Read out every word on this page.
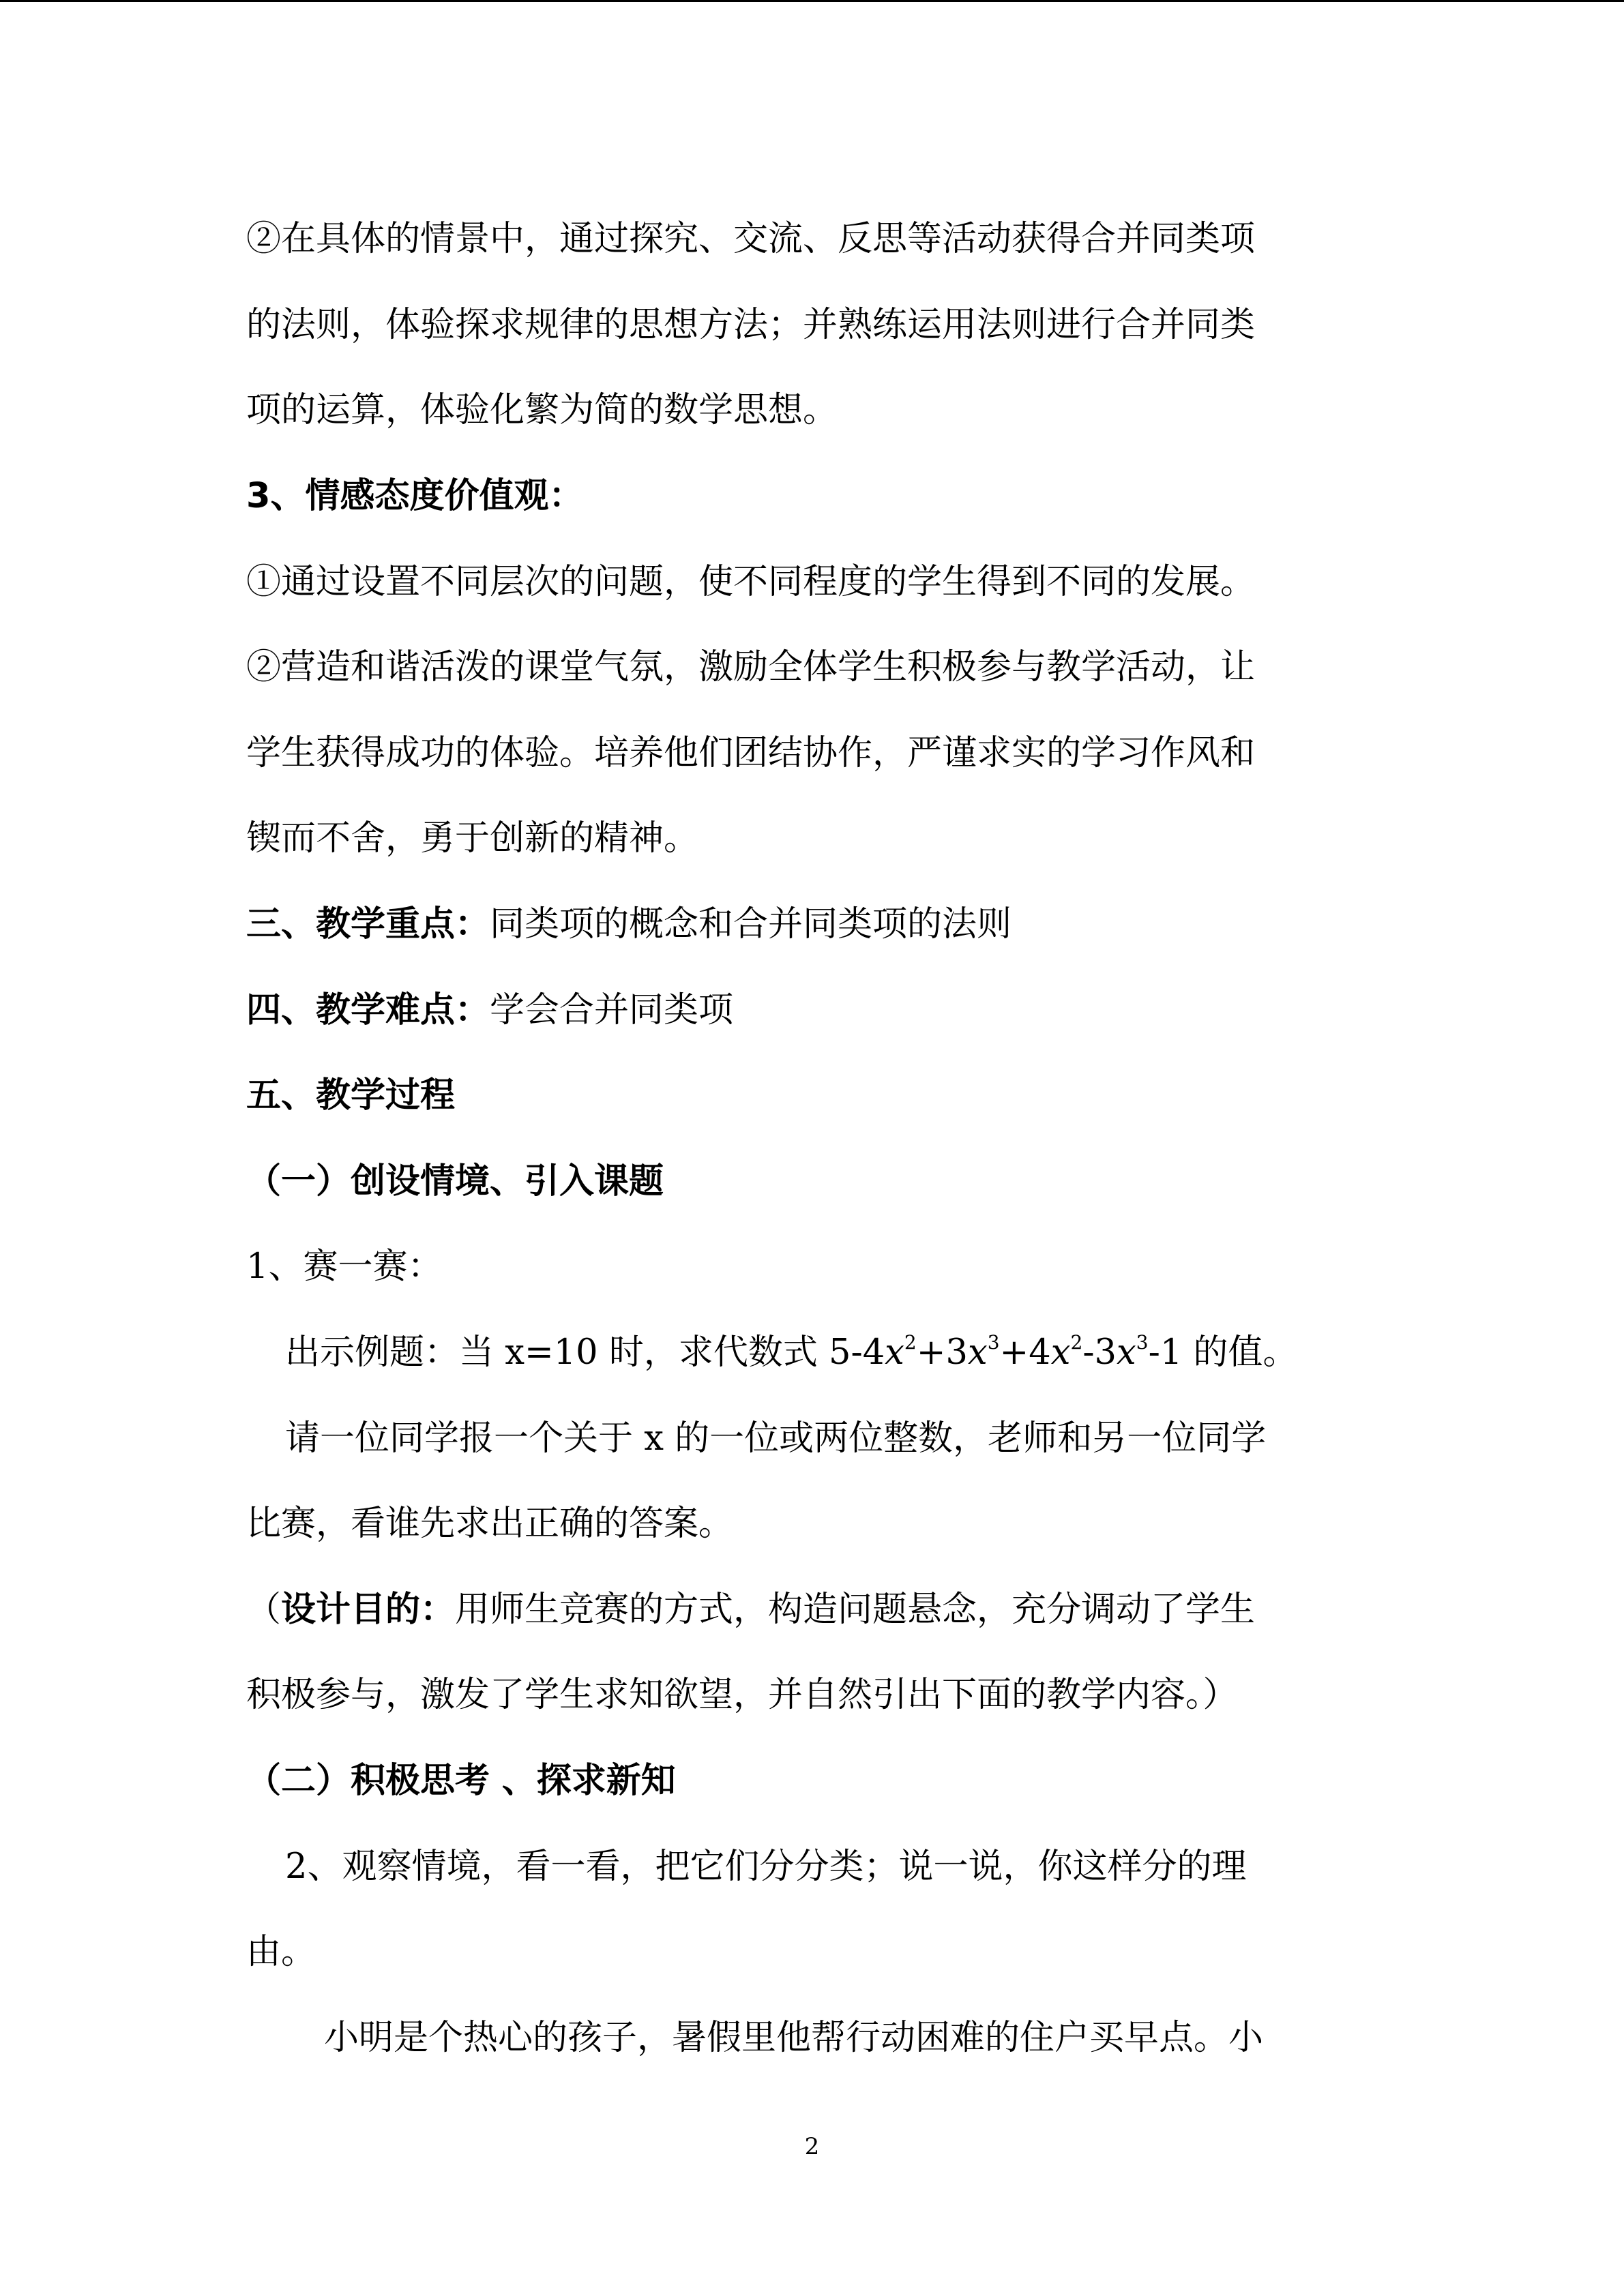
②在具体的情景中，通过探究、交流、反思等活动获得合并同类项
的法则，体验探求规律的思想方法；并熟练运用法则进行合并同类
项的运算，体验化繁为简的数学思想。
3、情感态度价值观：
①通过设置不同层次的问题，使不同程度的学生得到不同的发展。
②营造和谐活泼的课堂气氛，激励全体学生积极参与教学活动，让
学生获得成功的体验。培养他们团结协作，严谨求实的学习作风和
锲而不舍，勇于创新的精神。
三、教学重点：同类项的概念和合并同类项的法则
四、教学难点：学会合并同类项
五、教学过程
（一）创设情境、引入课题
1、赛一赛：
出示例题：当 x=10 时，求代数式 $5-4x^2+3x^3+4x^2-3x^3-1$ 的值。
请一位同学报一个关于 x 的一位或两位整数，老师和另一位同学
比赛，看谁先求出正确的答案。
（设计目的：用师生竞赛的方式，构造问题悬念，充分调动了学生
积极参与，激发了学生求知欲望，并自然引出下面的教学内容。）
（二）积极思考 、探求新知
2、观察情境，看一看，把它们分分类；说一说，你这样分的理
由。
小明是个热心的孩子，暑假里他帮行动困难的住户买早点。小
2
